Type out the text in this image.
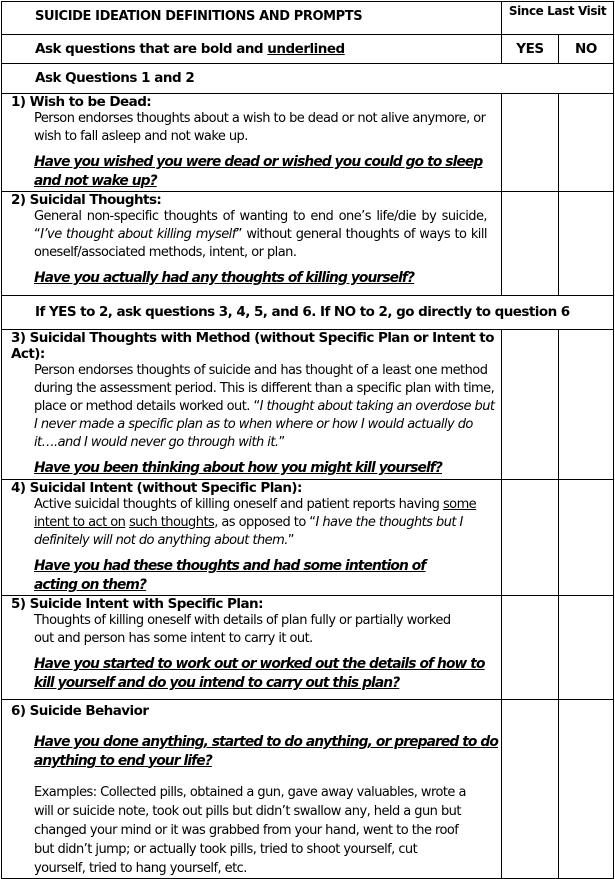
SUICIDE IDEATION DEFINITIONS AND PROMPTS	Since Last Visit	

Ask questions that are bold and underlined	YES	NO

Ask Questions 1 and 2		

1) Wish to be Dead:
Person endorses thoughts about a wish to be dead or not alive anymore, or wish to fall asleep and not wake up.
Have you wished you were dead or wished you could go to sleep and not wake up?		

2) Suicidal Thoughts:
General non-specific thoughts of wanting to end one’s life/die by suicide, “I’ve thought about killing myself” without general thoughts of ways to kill oneself/associated methods, intent, or plan.
Have you actually had any thoughts of killing yourself?		

If YES to 2, ask questions 3, 4, 5, and 6. If NO to 2, go directly to question 6		

3) Suicidal Thoughts with Method (without Specific Plan or Intent to Act):
Person endorses thoughts of suicide and has thought of a least one method during the assessment period. This is different than a specific plan with time, place or method details worked out. “I thought about taking an overdose but I never made a specific plan as to when where or how I would actually do it….and I would never go through with it.”
Have you been thinking about how you might kill yourself?		

4) Suicidal Intent (without Specific Plan):
Active suicidal thoughts of killing oneself and patient reports having some intent to act on such thoughts, as opposed to “I have the thoughts but I definitely will not do anything about them.”
Have you had these thoughts and had some intention of acting on them?		

5) Suicide Intent with Specific Plan:
Thoughts of killing oneself with details of plan fully or partially worked out and person has some intent to carry it out.
Have you started to work out or worked out the details of how to kill yourself and do you intend to carry out this plan?		

6) Suicide Behavior
Have you done anything, started to do anything, or prepared to do anything to end your life?
Examples: Collected pills, obtained a gun, gave away valuables, wrote a will or suicide note, took out pills but didn’t swallow any, held a gun but changed your mind or it was grabbed from your hand, went to the roof but didn’t jump; or actually took pills, tried to shoot yourself, cut yourself, tried to hang yourself, etc.		
